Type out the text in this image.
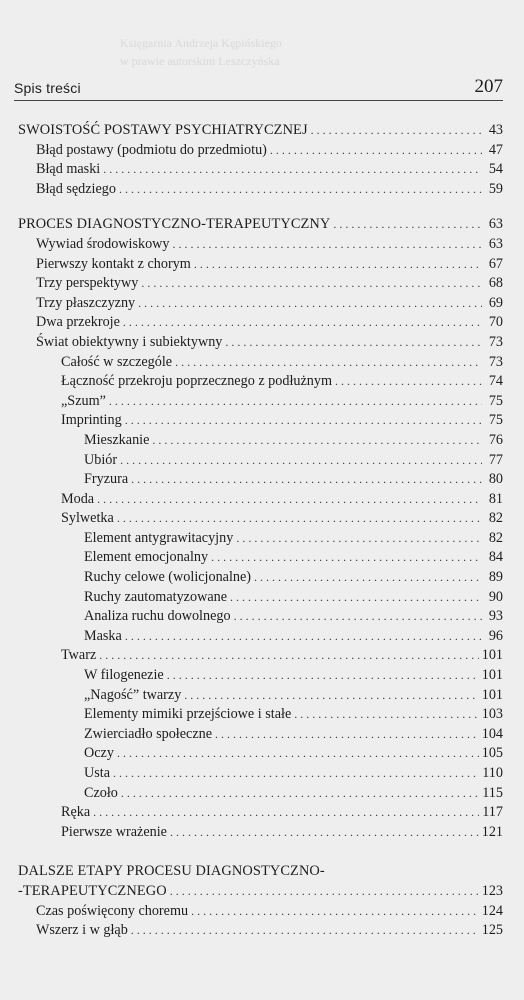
Księgarnia Andrzeja Kępińskiego
w prawie autorskim Leszczyńska
Spis treści	207
SWOISTOŚĆ POSTAWY PSYCHIATRYCZNEJ . . .	43
Błąd postawy (podmiotu do przedmiotu) . . .	47
Błąd maski . . .	54
Błąd sędziego . . .	59
PROCES DIAGNOSTYCZNO-TERAPEUTYCZNY . . .	63
Wywiad środowiskowy . . .	63
Pierwszy kontakt z chorym . . .	67
Trzy perspektywy . . .	68
Trzy płaszczyzny . . .	69
Dwa przekroje . . .	70
Świat obiektywny i subiektywny . . .	73
Całość w szczególe . . .	73
Łączność przekroju poprzecznego z podłużnym . . .	74
„Szum” . . .	75
Imprinting . . .	75
Mieszkanie . . .	76
Ubiór . . .	77
Fryzura . . .	80
Moda . . .	81
Sylwetka . . .	82
Element antygrawitacyjny . . .	82
Element emocjonalny . . .	84
Ruchy celowe (wolicjonalne) . . .	89
Ruchy zautomatyzowane . . .	90
Analiza ruchu dowolnego . . .	93
Maska . . .	96
Twarz . . .	101
W filogenezie . . .	101
„Nagość” twarzy . . .	101
Elementy mimiki przejściowe i stałe . . .	103
Zwierciadło społeczne . . .	104
Oczy . . .	105
Usta . . .	110
Czoło . . .	115
Ręka . . .	117
Pierwsze wrażenie . . .	121
DALSZE ETAPY PROCESU DIAGNOSTYCZNO-
-TERAPEUTYCZNEGO . . .	123
Czas poświęcony choremu . . .	124
Wszerz i w głąb . . .	125
